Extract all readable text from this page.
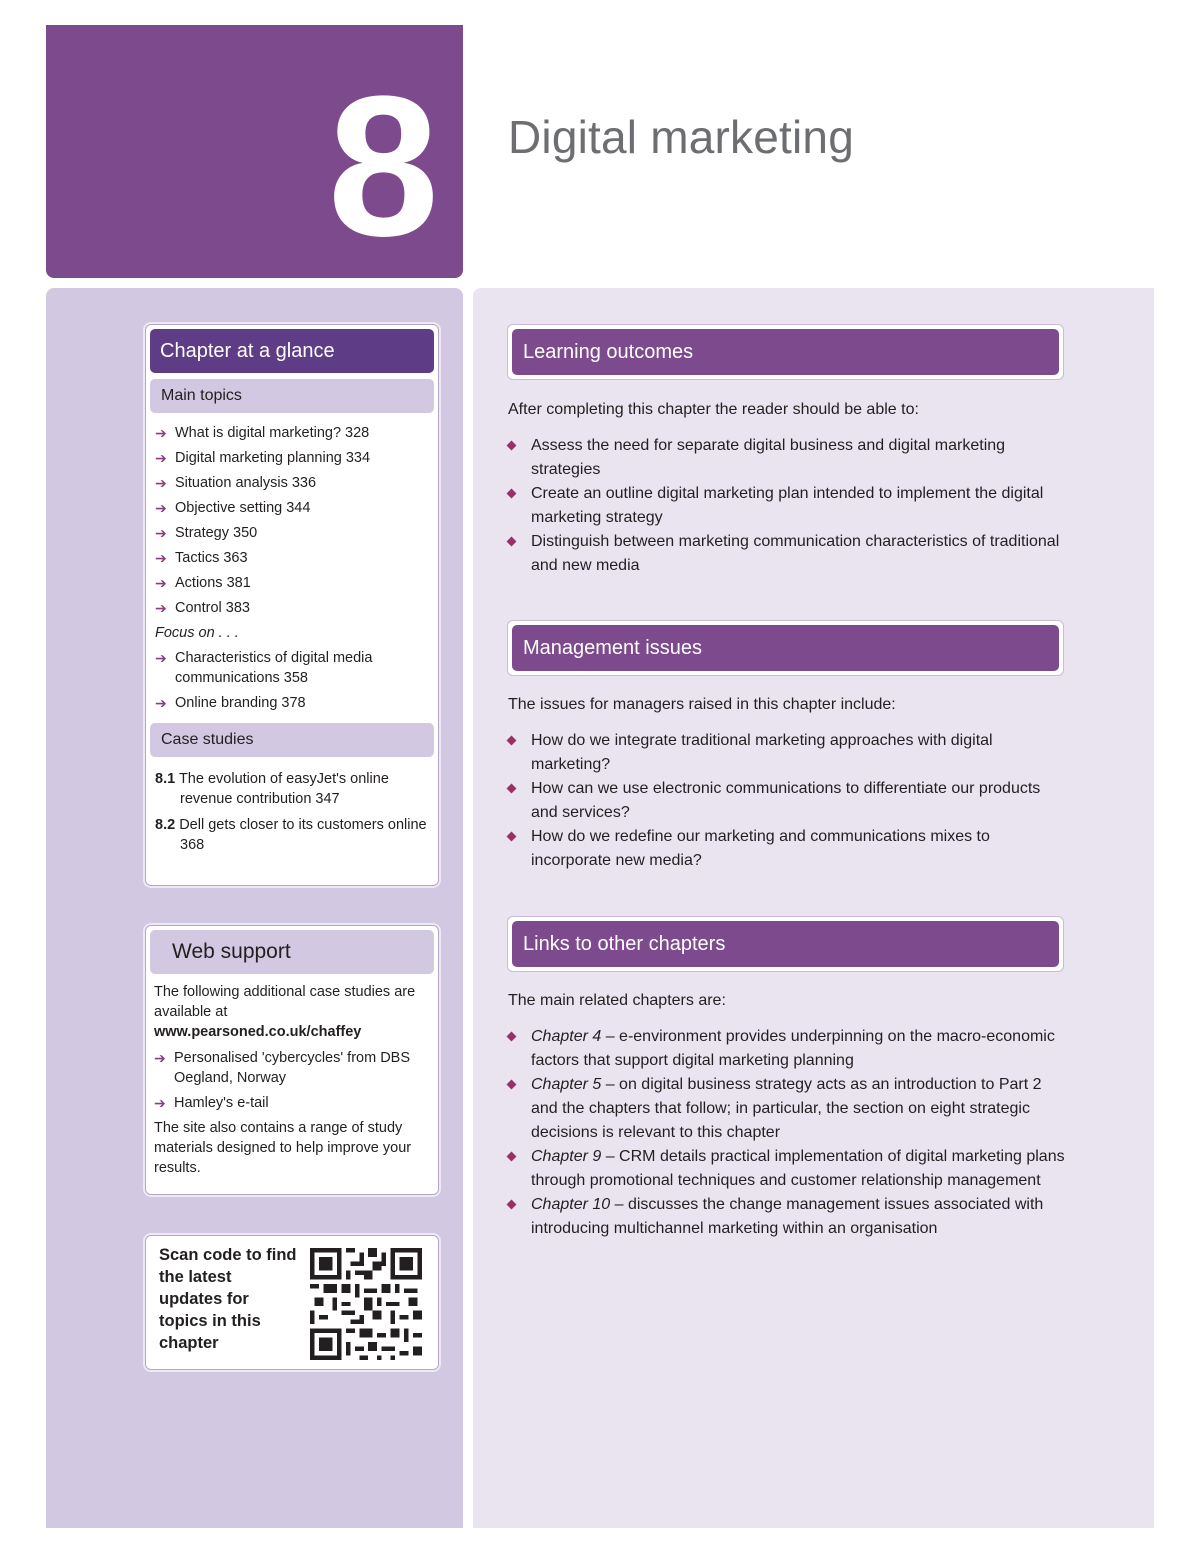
8 Digital marketing
Chapter at a glance
Main topics
➔ What is digital marketing? 328
➔ Digital marketing planning 334
➔ Situation analysis 336
➔ Objective setting 344
➔ Strategy 350
➔ Tactics 363
➔ Actions 381
➔ Control 383
Focus on . . .
➔ Characteristics of digital media communications 358
➔ Online branding 378
Case studies
8.1 The evolution of easyJet's online revenue contribution 347
8.2 Dell gets closer to its customers online 368
Web support

The following additional case studies are available at

www.pearsoned.co.uk/chaffey

➔ Personalised 'cybercycles' from DBS Oegland, Norway
➔ Hamley's e-tail

The site also contains a range of study materials designed to help improve your results.

Scan code to find the latest updates for topics in this chapter
Learning outcomes
After completing this chapter the reader should be able to:
Assess the need for separate digital business and digital marketing strategies
Create an outline digital marketing plan intended to implement the digital marketing strategy
Distinguish between marketing communication characteristics of traditional and new media
Management issues
The issues for managers raised in this chapter include:
How do we integrate traditional marketing approaches with digital marketing?
How can we use electronic communications to differentiate our products and services?
How do we redefine our marketing and communications mixes to incorporate new media?
Links to other chapters
The main related chapters are:
Chapter 4 – e-environment provides underpinning on the macro-economic factors that support digital marketing planning
Chapter 5 – on digital business strategy acts as an introduction to Part 2 and the chapters that follow; in particular, the section on eight strategic decisions is relevant to this chapter
Chapter 9 – CRM details practical implementation of digital marketing plans through promotional techniques and customer relationship management
Chapter 10 – discusses the change management issues associated with introducing multichannel marketing within an organisation
